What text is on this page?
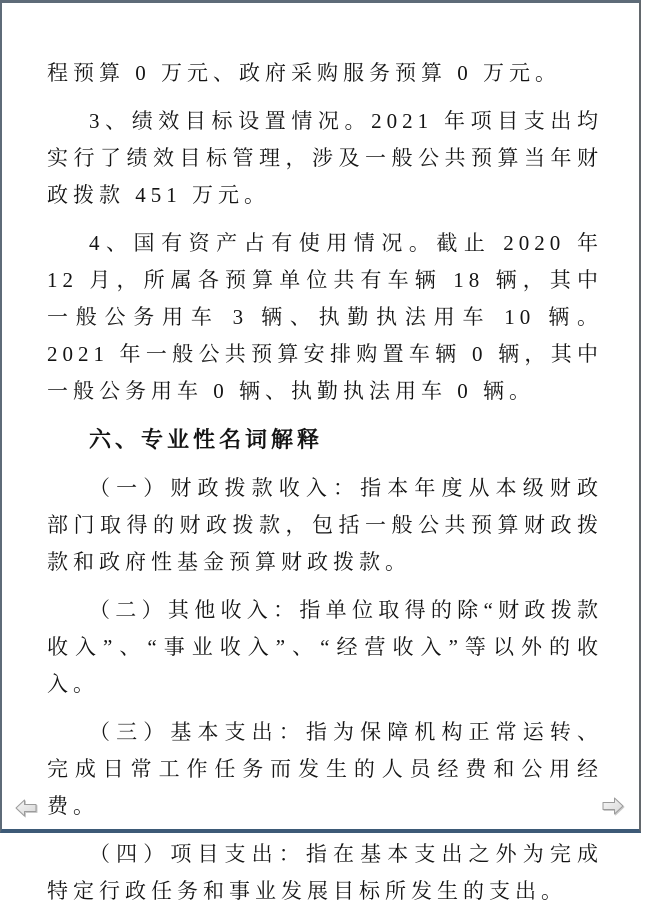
程预算 0 万元、政府采购服务预算 0 万元。

3、绩效目标设置情况。2021 年项目支出均实行了绩效目标管理，涉及一般公共预算当年财政拨款 451 万元。

4、国有资产占有使用情况。截止 2020 年 12 月，所属各预算单位共有车辆 18 辆，其中一般公务用车 3 辆、执勤执法用车 10 辆。2021 年一般公共预算安排购置车辆 0 辆，其中一般公务用车 0 辆、执勤执法用车 0 辆。

六、专业性名词解释

（一）财政拨款收入：指本年度从本级财政部门取得的财政拨款，包括一般公共预算财政拨款和政府性基金预算财政拨款。

（二）其他收入：指单位取得的除“财政拨款收入”、“事业收入”、“经营收入”等以外的收入。

（三）基本支出：指为保障机构正常运转、完成日常工作任务而发生的人员经费和公用经费。

（四）项目支出：指在基本支出之外为完成特定行政任务和事业发展目标所发生的支出。
